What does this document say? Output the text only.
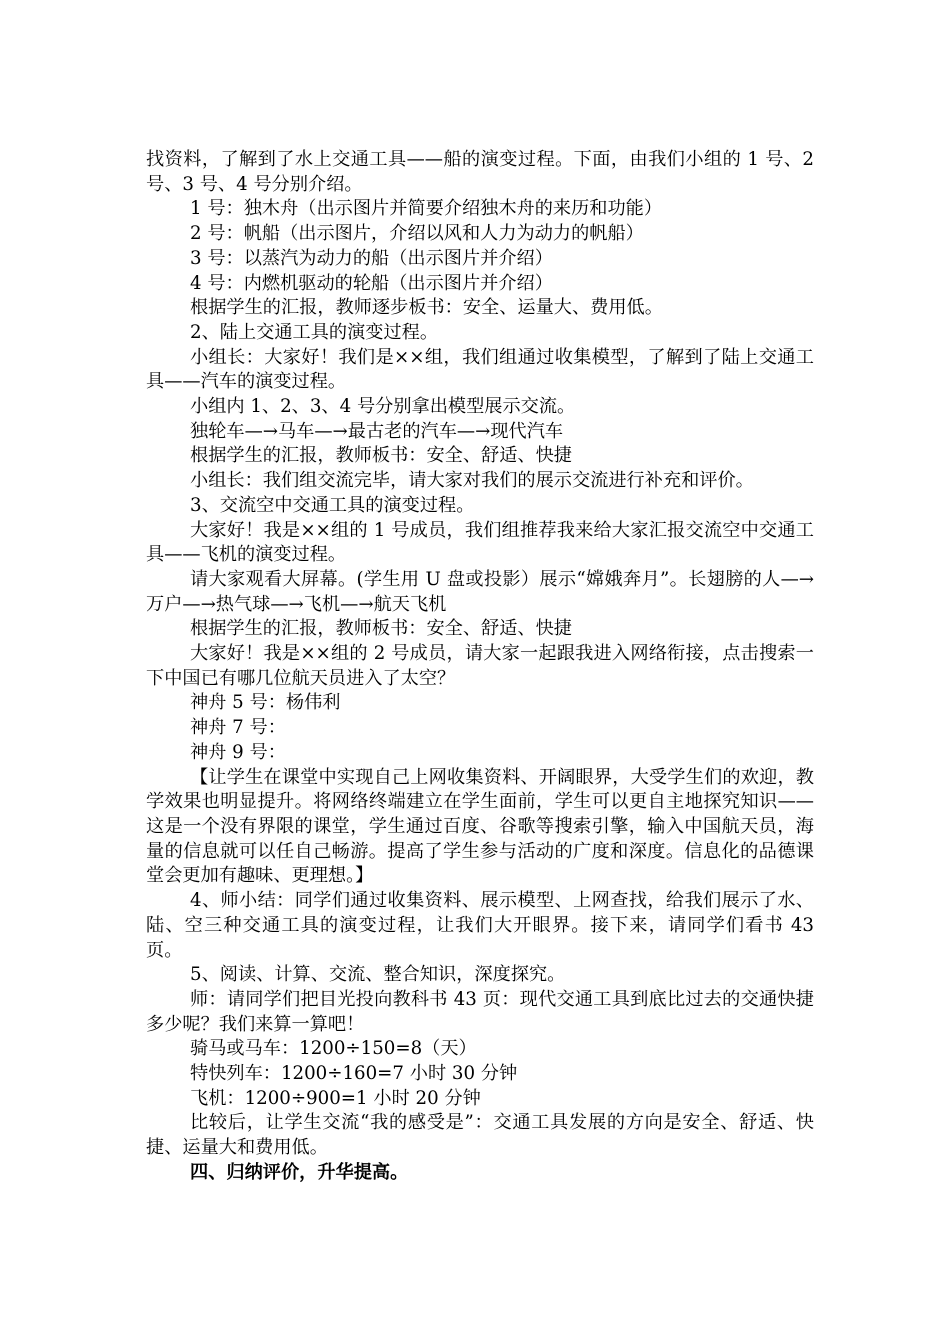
找资料，了解到了水上交通工具——船的演变过程。下面，由我们小组的 1 号、2 号、3 号、4 号分别介绍。

1 号：独木舟（出示图片并简要介绍独木舟的来历和功能）

2 号：帆船（出示图片，介绍以风和人力为动力的帆船）

3 号：以蒸汽为动力的船（出示图片并介绍）

4 号：内燃机驱动的轮船（出示图片并介绍）

根据学生的汇报，教师逐步板书：安全、运量大、费用低。

2、陆上交通工具的演变过程。

小组长：大家好！我们是××组，我们组通过收集模型，了解到了陆上交通工具——汽车的演变过程。

小组内 1、2、3、4 号分别拿出模型展示交流。

独轮车—→马车—→最古老的汽车—→现代汽车

根据学生的汇报，教师板书：安全、舒适、快捷

小组长：我们组交流完毕，请大家对我们的展示交流进行补充和评价。

3、交流空中交通工具的演变过程。

大家好！我是××组的 1 号成员，我们组推荐我来给大家汇报交流空中交通工具——飞机的演变过程。

请大家观看大屏幕。(学生用 U 盘或投影）展示“嫦娥奔月”。长翅膀的人—→万户—→热气球—→飞机—→航天飞机

根据学生的汇报，教师板书：安全、舒适、快捷

大家好！我是××组的 2 号成员，请大家一起跟我进入网络衔接，点击搜索一下中国已有哪几位航天员进入了太空？

神舟 5 号：杨伟利

神舟 7 号：

神舟 9 号：

【让学生在课堂中实现自己上网收集资料、开阔眼界，大受学生们的欢迎，教学效果也明显提升。将网络终端建立在学生面前，学生可以更自主地探究知识——这是一个没有界限的课堂，学生通过百度、谷歌等搜索引擎，输入中国航天员，海量的信息就可以任自己畅游。提高了学生参与活动的广度和深度。信息化的品德课堂会更加有趣味、更理想。】

4、师小结：同学们通过收集资料、展示模型、上网查找，给我们展示了水、陆、空三种交通工具的演变过程，让我们大开眼界。接下来，请同学们看书 43 页。

5、阅读、计算、交流、整合知识，深度探究。

师：请同学们把目光投向教科书 43 页：现代交通工具到底比过去的交通快捷多少呢？我们来算一算吧！

骑马或马车：1200÷150=8（天）

特快列车：1200÷160=7 小时 30 分钟

飞机：1200÷900=1 小时 20 分钟

比较后，让学生交流“我的感受是”：交通工具发展的方向是安全、舒适、快捷、运量大和费用低。

四、归纳评价，升华提高。
